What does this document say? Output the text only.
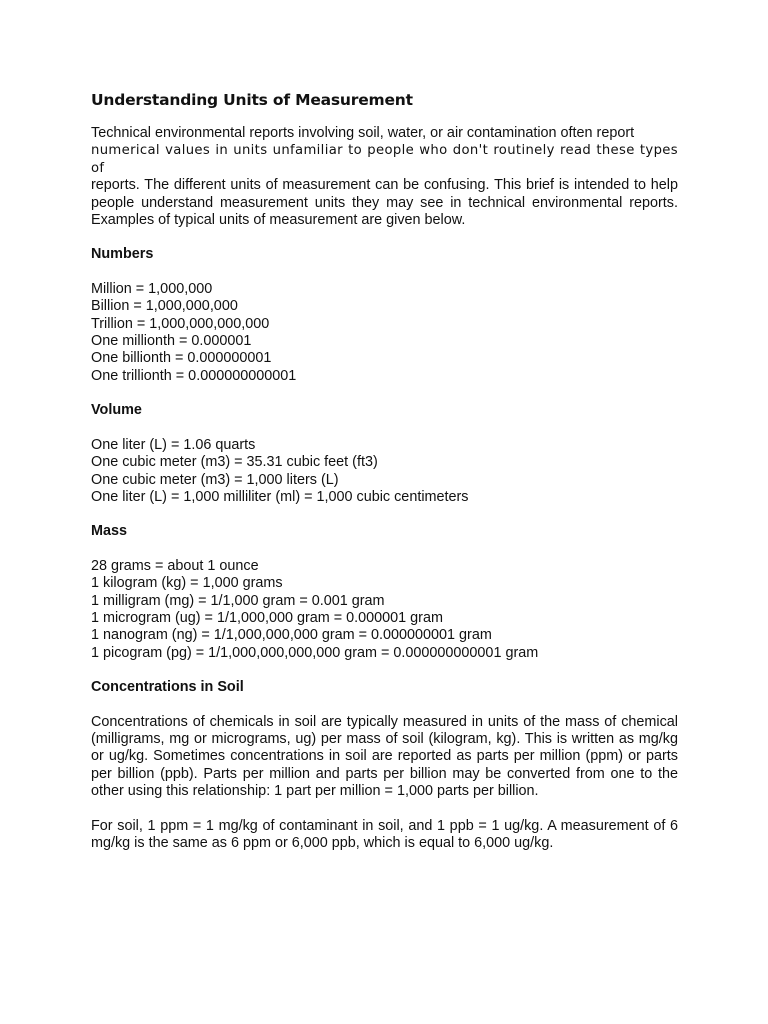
Understanding Units of Measurement

Technical environmental reports involving soil, water, or air contamination often report
numerical values in units unfamiliar to people who don't routinely read these types of
reports. The different units of measurement can be confusing. This brief is intended to help people understand measurement units they may see in technical environmental reports. Examples of typical units of measurement are given below.

Numbers
Million = 1,000,000
Billion = 1,000,000,000
Trillion = 1,000,000,000,000
One millionth = 0.000001
One billionth = 0.000000001
One trillionth = 0.000000000001
Volume
One liter (L) = 1.06 quarts
One cubic meter (m3) = 35.31 cubic feet (ft3)
One cubic meter (m3) = 1,000 liters (L)
One liter (L) = 1,000 milliliter (ml) = 1,000 cubic centimeters
Mass
28 grams = about 1 ounce
1 kilogram (kg) = 1,000 grams
1 milligram (mg) = 1/1,000 gram = 0.001 gram
1 microgram (ug) = 1/1,000,000 gram = 0.000001 gram
1 nanogram (ng) = 1/1,000,000,000 gram = 0.000000001 gram
1 picogram (pg) = 1/1,000,000,000,000 gram = 0.000000000001 gram
Concentrations in Soil

Concentrations of chemicals in soil are typically measured in units of the mass of chemical (milligrams, mg or micrograms, ug) per mass of soil (kilogram, kg). This is written as mg/kg or ug/kg. Sometimes concentrations in soil are reported as parts per million (ppm) or parts per billion (ppb). Parts per million and parts per billion may be converted from one to the other using this relationship: 1 part per million = 1,000 parts per billion.

For soil, 1 ppm = 1 mg/kg of contaminant in soil, and 1 ppb = 1 ug/kg. A measurement of 6 mg/kg is the same as 6 ppm or 6,000 ppb, which is equal to 6,000 ug/kg.
